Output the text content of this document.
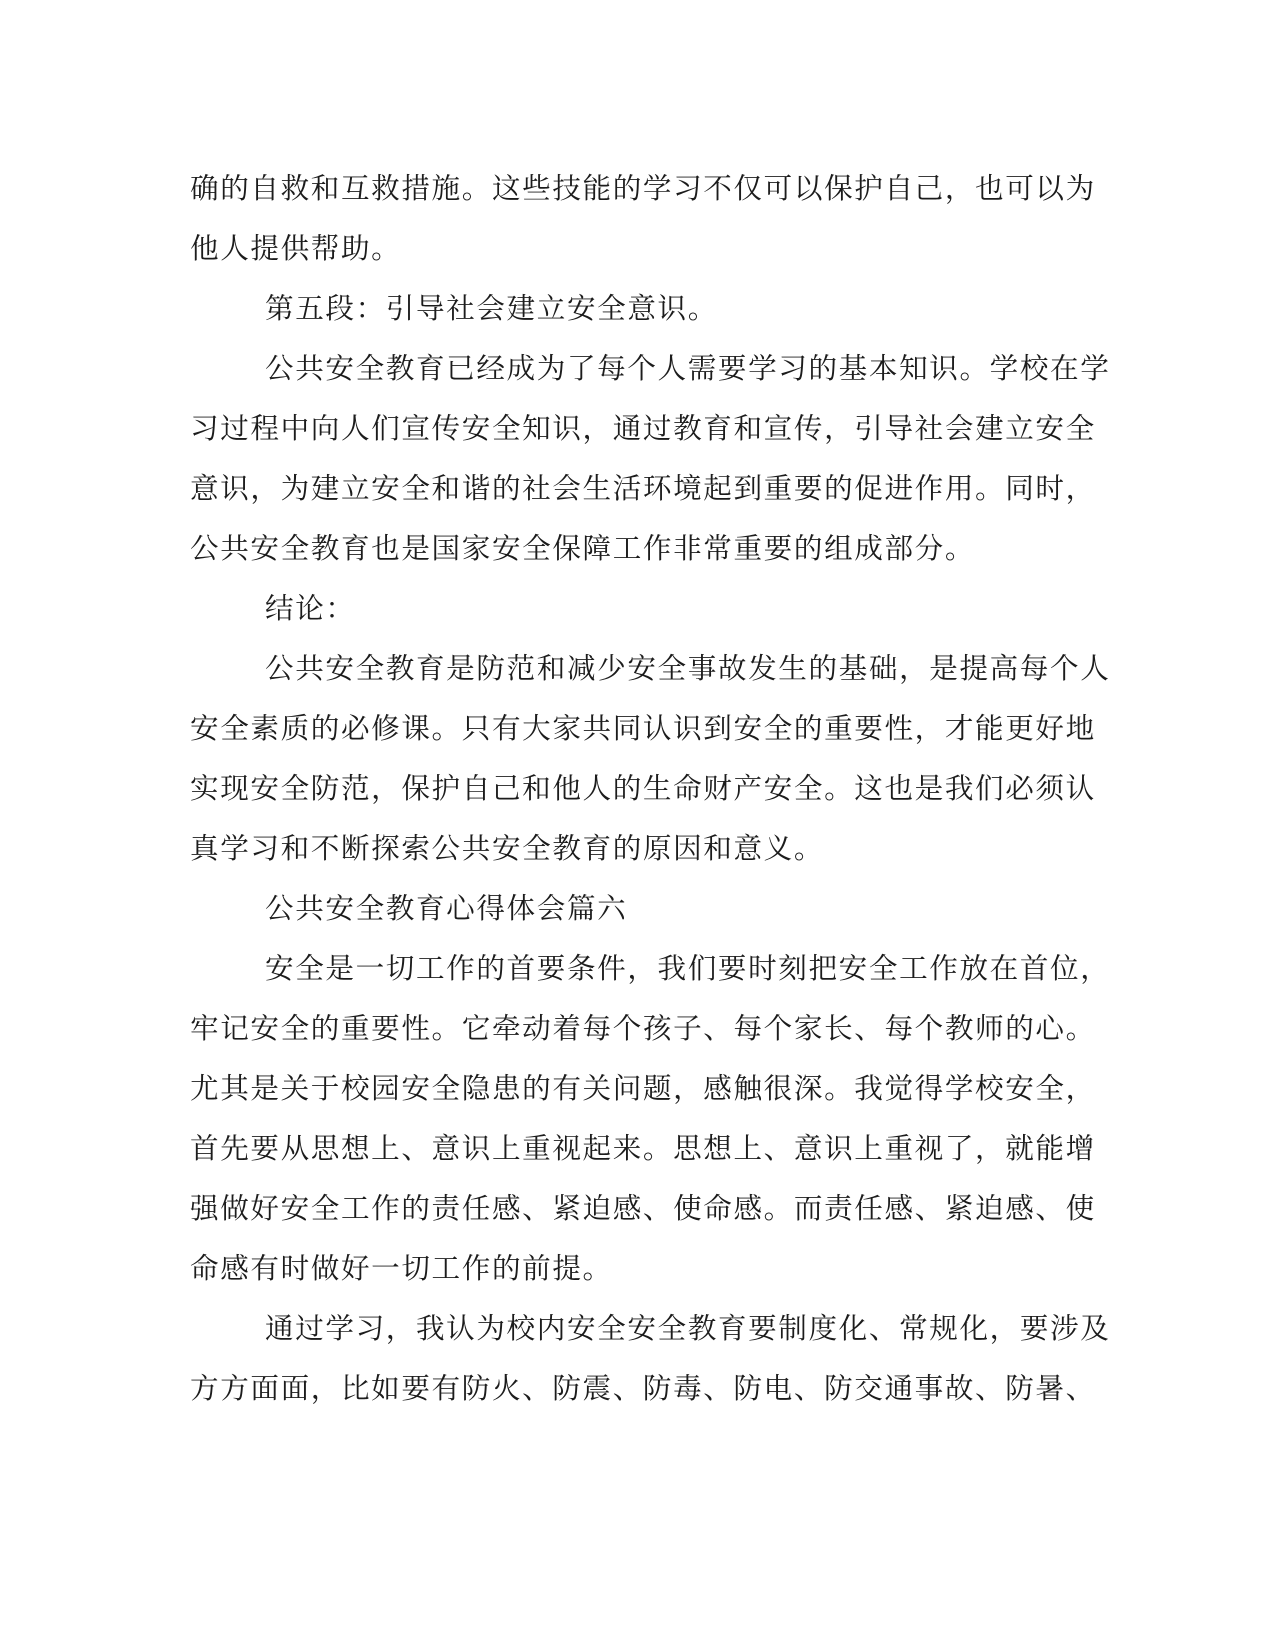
确的自救和互救措施。这些技能的学习不仅可以保护自己，也可以为
他人提供帮助。
第五段：引导社会建立安全意识。
公共安全教育已经成为了每个人需要学习的基本知识。学校在学
习过程中向人们宣传安全知识，通过教育和宣传，引导社会建立安全
意识，为建立安全和谐的社会生活环境起到重要的促进作用。同时，
公共安全教育也是国家安全保障工作非常重要的组成部分。
结论：
公共安全教育是防范和减少安全事故发生的基础，是提高每个人
安全素质的必修课。只有大家共同认识到安全的重要性，才能更好地
实现安全防范，保护自己和他人的生命财产安全。这也是我们必须认
真学习和不断探索公共安全教育的原因和意义。
公共安全教育心得体会篇六
安全是一切工作的首要条件，我们要时刻把安全工作放在首位，
牢记安全的重要性。它牵动着每个孩子、每个家长、每个教师的心。
尤其是关于校园安全隐患的有关问题，感触很深。我觉得学校安全，
首先要从思想上、意识上重视起来。思想上、意识上重视了，就能增
强做好安全工作的责任感、紧迫感、使命感。而责任感、紧迫感、使
命感有时做好一切工作的前提。
通过学习，我认为校内安全安全教育要制度化、常规化，要涉及
方方面面，比如要有防火、防震、防毒、防电、防交通事故、防暑、
